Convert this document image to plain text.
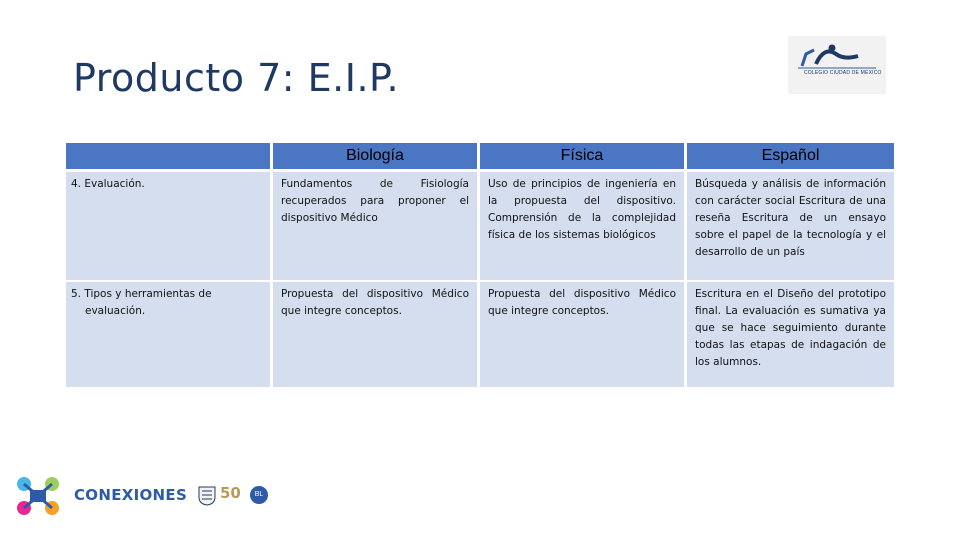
Producto 7: E.I.P.	COLEGIO CIUDAD DE MÉXICO
	Biología	Física	Español
4. Evaluación.	Fundamentos de Fisiología recuperados para proponer el dispositivo Médico	Uso de principios de ingeniería en la propuesta del dispositivo. Comprensión de la complejidad física de los sistemas biológicos	Búsqueda y análisis de información con carácter social Escritura de una reseña Escritura de un ensayo sobre el papel de la tecnología y el desarrollo de un país

5. Tipos y herramientas de evaluación.	Propuesta del dispositivo Médico que integre conceptos.	Propuesta del dispositivo Médico que integre conceptos.	Escritura en el Diseño del prototipo final. La evaluación es sumativa ya que se hace seguimiento durante todas las etapas de indagación de los alumnos.
CONEXIONES 50	BL
